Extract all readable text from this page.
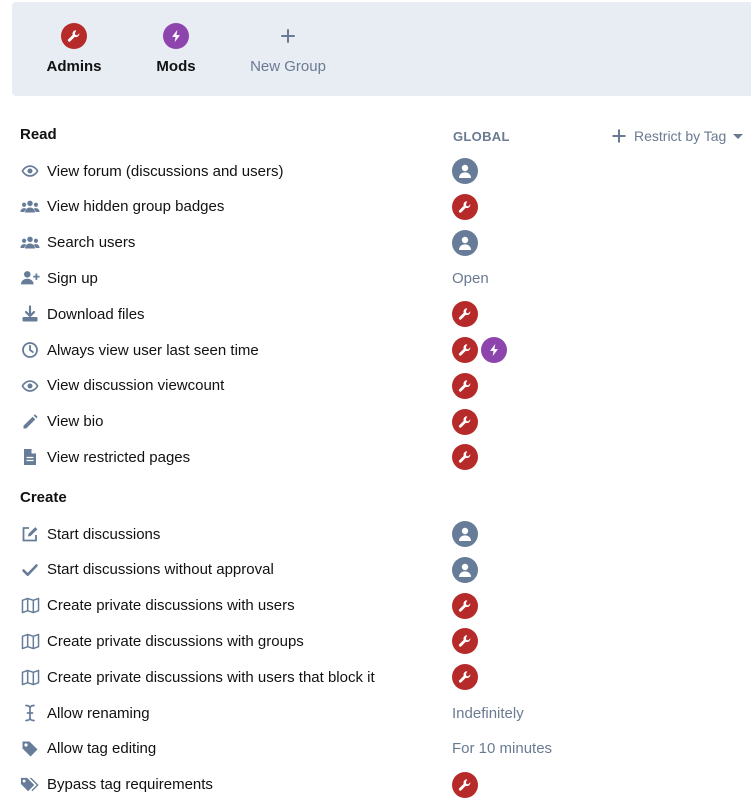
Admins	Mods	New Group
Read	GLOBAL	Restrict by Tag
View forum (discussions and users)
View hidden group badges
Search users
Sign up	Open
Download files
Always view user last seen time
View discussion viewcount
View bio
View restricted pages
Create
Start discussions
Start discussions without approval
Create private discussions with users
Create private discussions with groups
Create private discussions with users that block it
Allow renaming	Indefinitely
Allow tag editing	For 10 minutes
Bypass tag requirements
